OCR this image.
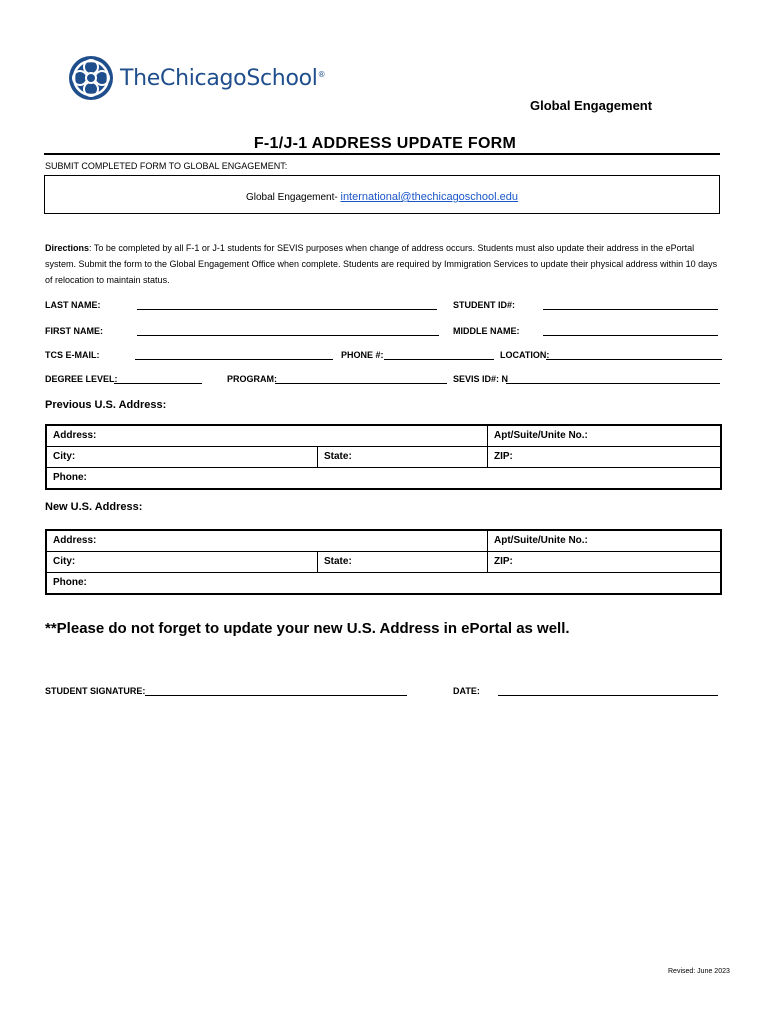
TheChicagoSchool®
Global Engagement
F-1/J-1 ADDRESS UPDATE FORM
SUBMIT COMPLETED FORM TO GLOBAL ENGAGEMENT:
Global Engagement- international@thechicagoschool.edu
Directions: To be completed by all F-1 or J-1 students for SEVIS purposes when change of address occurs. Students must also update their address in the ePortal system. Submit the form to the Global Engagement Office when complete. Students are required by Immigration Services to update their physical address within 10 days of relocation to maintain status.
LAST NAME:	STUDENT ID#:
FIRST NAME:	MIDDLE NAME:
TCS E-MAIL:	PHONE #:	LOCATION:
DEGREE LEVEL:	PROGRAM:	SEVIS ID#: N
Previous U.S. Address:
Address:	Apt/Suite/Unite No.:
City:	State:	ZIP:
Phone:
New U.S. Address:
Address:	Apt/Suite/Unite No.:
City:	State:	ZIP:
Phone:
**Please do not forget to update your new U.S. Address in ePortal as well.
STUDENT SIGNATURE:	DATE:
Revised: June 2023
